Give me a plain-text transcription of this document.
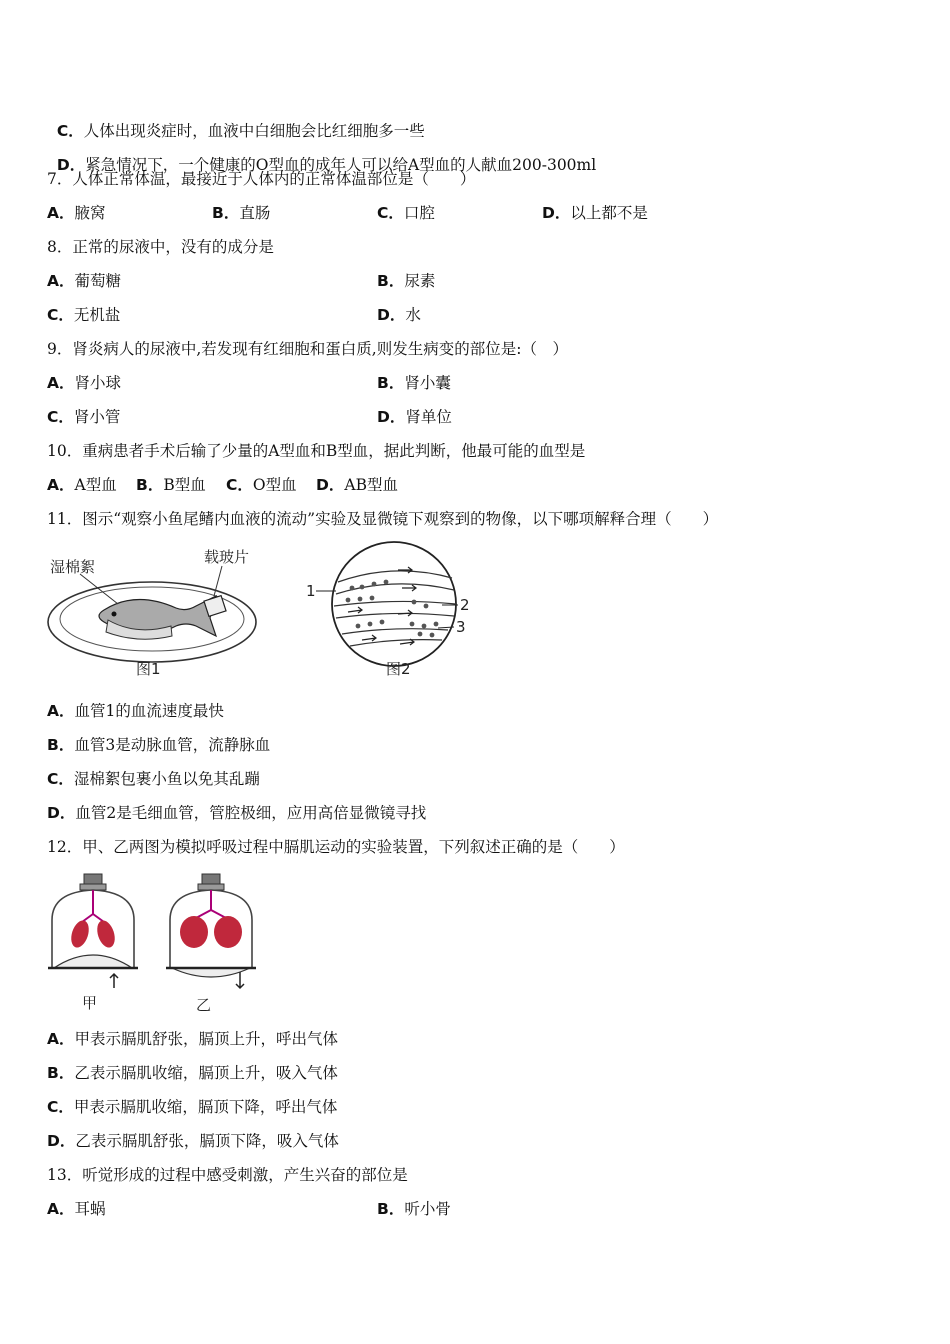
C．人体出现炎症时，血液中白细胞会比红细胞多一些

D．紧急情况下，一个健康的O型血的成年人可以给A型血的人献血200-300ml

7．人体正常体温，最接近于人体内的正常体温部位是（　　）
A．腋窝	B．直肠	C．口腔	D．以上都不是
8．正常的尿液中，没有的成分是
A．葡萄糖	B．尿素
C．无机盐	D．水
9．肾炎病人的尿液中,若发现有红细胞和蛋白质,则发生病变的部位是:（　）
A．肾小球	B．肾小囊
C．肾小管	D．肾单位
10．重病患者手术后输了少量的A型血和B型血，据此判断，他最可能的血型是
A．A型血 B．B型血 C．O型血 D．AB型血
11．图示“观察小鱼尾鳍内血液的流动”实验及显微镜下观察到的物像，以下哪项解释合理（　　）
湿棉絮
载玻片
图1
1
2
3
图2
A．血管1的血流速度最快
B．血管3是动脉血管，流静脉血
C．湿棉絮包裹小鱼以免其乱蹦
D．血管2是毛细血管，管腔极细，应用高倍显微镜寻找
12．甲、乙两图为模拟呼吸过程中膈肌运动的实验装置，下列叙述正确的是（　　）
甲	乙
A．甲表示膈肌舒张，膈顶上升，呼出气体
B．乙表示膈肌收缩，膈顶上升，吸入气体
C．甲表示膈肌收缩，膈顶下降，呼出气体
D．乙表示膈肌舒张，膈顶下降，吸入气体
13．听觉形成的过程中感受刺激，产生兴奋的部位是
A．耳蜗	B．听小骨
